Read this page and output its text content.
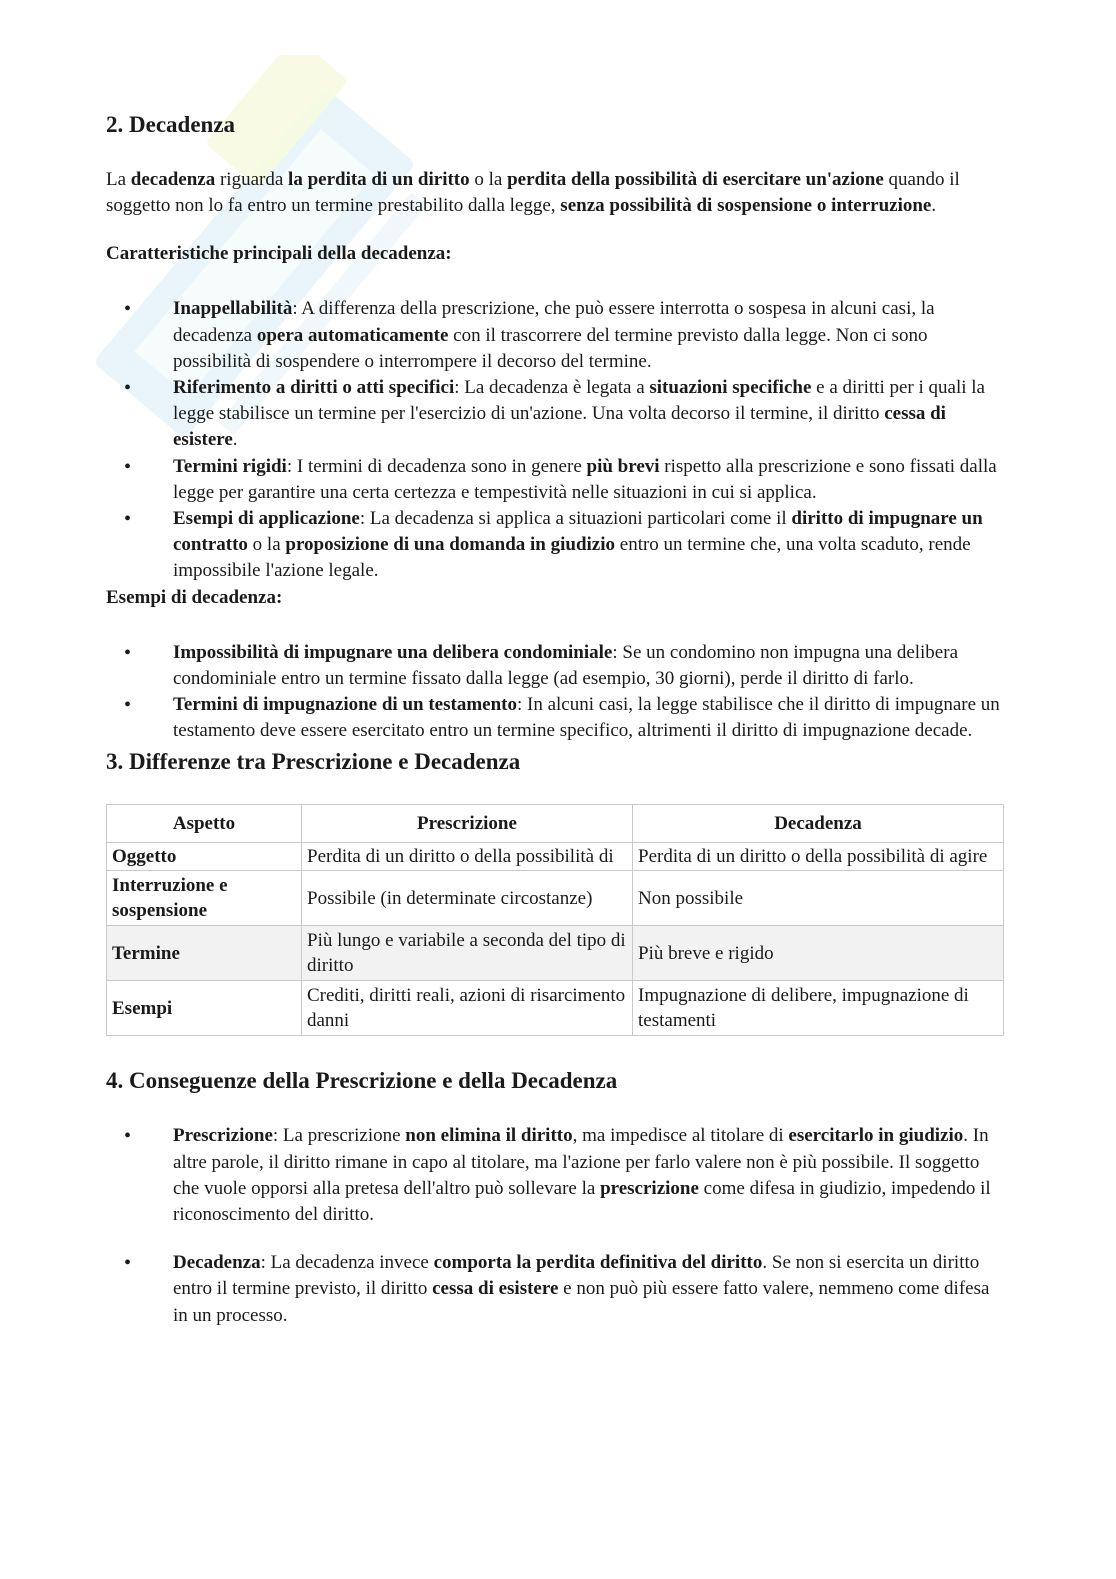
2. Decadenza

La decadenza riguarda la perdita di un diritto o la perdita della possibilità di esercitare un'azione quando il soggetto non lo fa entro un termine prestabilito dalla legge, senza possibilità di sospensione o interruzione.

Caratteristiche principali della decadenza:
• Inappellabilità: A differenza della prescrizione, che può essere interrotta o sospesa in alcuni casi, la decadenza opera automaticamente con il trascorrere del termine previsto dalla legge. Non ci sono possibilità di sospendere o interrompere il decorso del termine.
• Riferimento a diritti o atti specifici: La decadenza è legata a situazioni specifiche e a diritti per i quali la legge stabilisce un termine per l'esercizio di un'azione. Una volta decorso il termine, il diritto cessa di esistere.
• Termini rigidi: I termini di decadenza sono in genere più brevi rispetto alla prescrizione e sono fissati dalla legge per garantire una certa certezza e tempestività nelle situazioni in cui si applica.
• Esempi di applicazione: La decadenza si applica a situazioni particolari come il diritto di impugnare un contratto o la proposizione di una domanda in giudizio entro un termine che, una volta scaduto, rende impossibile l'azione legale.
Esempi di decadenza:
• Impossibilità di impugnare una delibera condominiale: Se un condomino non impugna una delibera condominiale entro un termine fissato dalla legge (ad esempio, 30 giorni), perde il diritto di farlo.
• Termini di impugnazione di un testamento: In alcuni casi, la legge stabilisce che il diritto di impugnare un testamento deve essere esercitato entro un termine specifico, altrimenti il diritto di impugnazione decade.
3. Differenze tra Prescrizione e Decadenza
Aspetto	Prescrizione	Decadenza
Oggetto	Perdita di un diritto o della possibilità di	Perdita di un diritto o della possibilità di agire

Interruzione e sospensione	Possibile (in determinate circostanze)	Non possibile
Termine	Più lungo e variabile a seconda del tipo di diritto	Più breve e rigido
Esempi	Crediti, diritti reali, azioni di risarcimento danni	Impugnazione di delibere, impugnazione di testamenti
4. Conseguenze della Prescrizione e della Decadenza
• Prescrizione: La prescrizione non elimina il diritto, ma impedisce al titolare di esercitarlo in giudizio. In altre parole, il diritto rimane in capo al titolare, ma l'azione per farlo valere non è più possibile. Il soggetto che vuole opporsi alla pretesa dell'altro può sollevare la prescrizione come difesa in giudizio, impedendo il riconoscimento del diritto.
• Decadenza: La decadenza invece comporta la perdita definitiva del diritto. Se non si esercita un diritto entro il termine previsto, il diritto cessa di esistere e non può più essere fatto valere, nemmeno come difesa in un processo.
